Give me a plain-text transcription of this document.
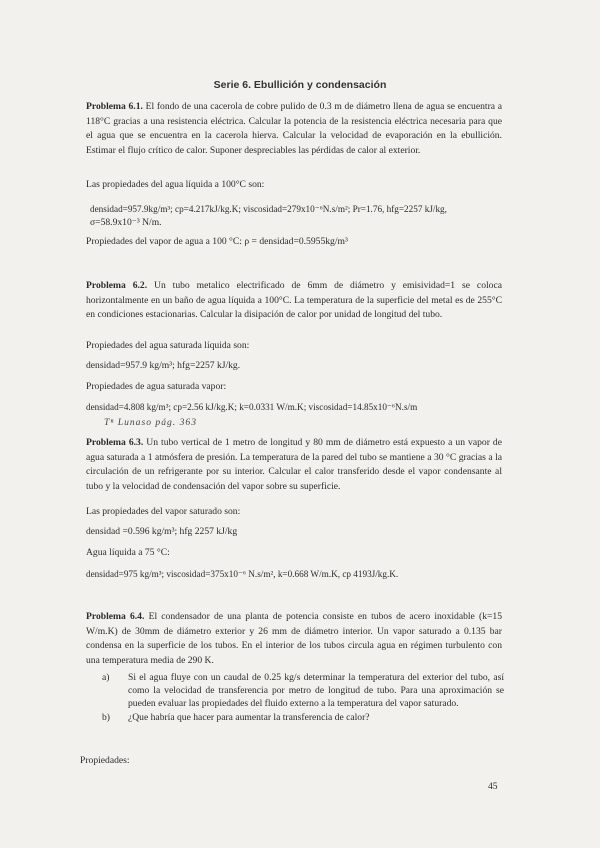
Serie 6. Ebullición y condensación
Problema 6.1. El fondo de una cacerola de cobre pulido de 0.3 m de diámetro llena de agua se encuentra a 118°C gracias a una resistencia eléctrica. Calcular la potencia de la resistencia eléctrica necesaria para que el agua que se encuentra en la cacerola hierva. Calcular la velocidad de evaporación en la ebullición. Estimar el flujo crítico de calor. Suponer despreciables las pérdidas de calor al exterior.
Las propiedades del agua líquida a 100°C son:
densidad=957.9kg/m³; cp=4.217kJ/kg.K; viscosidad=279x10⁻⁶N.s/m²; Pr=1.76, hfg=2257 kJ/kg,
σ=58.9x10⁻³ N/m.
Propiedades del vapor de agua a 100 °C: ρ = densidad=0.5955kg/m³
Problema 6.2. Un tubo metalico electrificado de 6mm de diámetro y emisividad=1 se coloca horizontalmente en un baño de agua líquida a 100°C. La temperatura de la superficie del metal es de 255°C en condiciones estacionarias. Calcular la disipación de calor por unidad de longitud del tubo.
Propiedades del agua saturada líquida son:
densidad=957.9 kg/m³; hfg=2257 kJ/kg.
Propiedades de agua saturada vapor:
densidad=4.808 kg/m³; cp=2.56 kJ/kg.K; k=0.0331 W/m.K; viscosidad=14.85x10⁻⁶N.s/m
Tⁿ Lunaso pág. 363
Problema 6.3. Un tubo vertical de 1 metro de longitud y 80 mm de diámetro está expuesto a un vapor de agua saturada a 1 atmósfera de presión. La temperatura de la pared del tubo se mantiene a 30 °C gracias a la circulación de un refrigerante por su interior. Calcular el calor transferido desde el vapor condensante al tubo y la velocidad de condensación del vapor sobre su superficie.
Las propiedades del vapor saturado son:
densidad =0.596 kg/m³; hfg 2257 kJ/kg
Agua líquida a 75 °C:
densidad=975 kg/m³; viscosidad=375x10⁻⁶ N.s/m², k=0.668 W/m.K, cp 4193J/kg.K.
Problema 6.4. El condensador de una planta de potencia consiste en tubos de acero inoxidable (k=15 W/m.K) de 30mm de diámetro exterior y 26 mm de diámetro interior. Un vapor saturado a 0.135 bar condensa en la superficie de los tubos. En el interior de los tubos circula agua en régimen turbulento con una temperatura media de 290 K.
a) Si el agua fluye con un caudal de 0.25 kg/s determinar la temperatura del exterior del tubo, así como la velocidad de transferencia por metro de longitud de tubo. Para una aproximación se pueden evaluar las propiedades del fluido externo a la temperatura del vapor saturado.
b) ¿Que habría que hacer para aumentar la transferencia de calor?
Propiedades:
45
